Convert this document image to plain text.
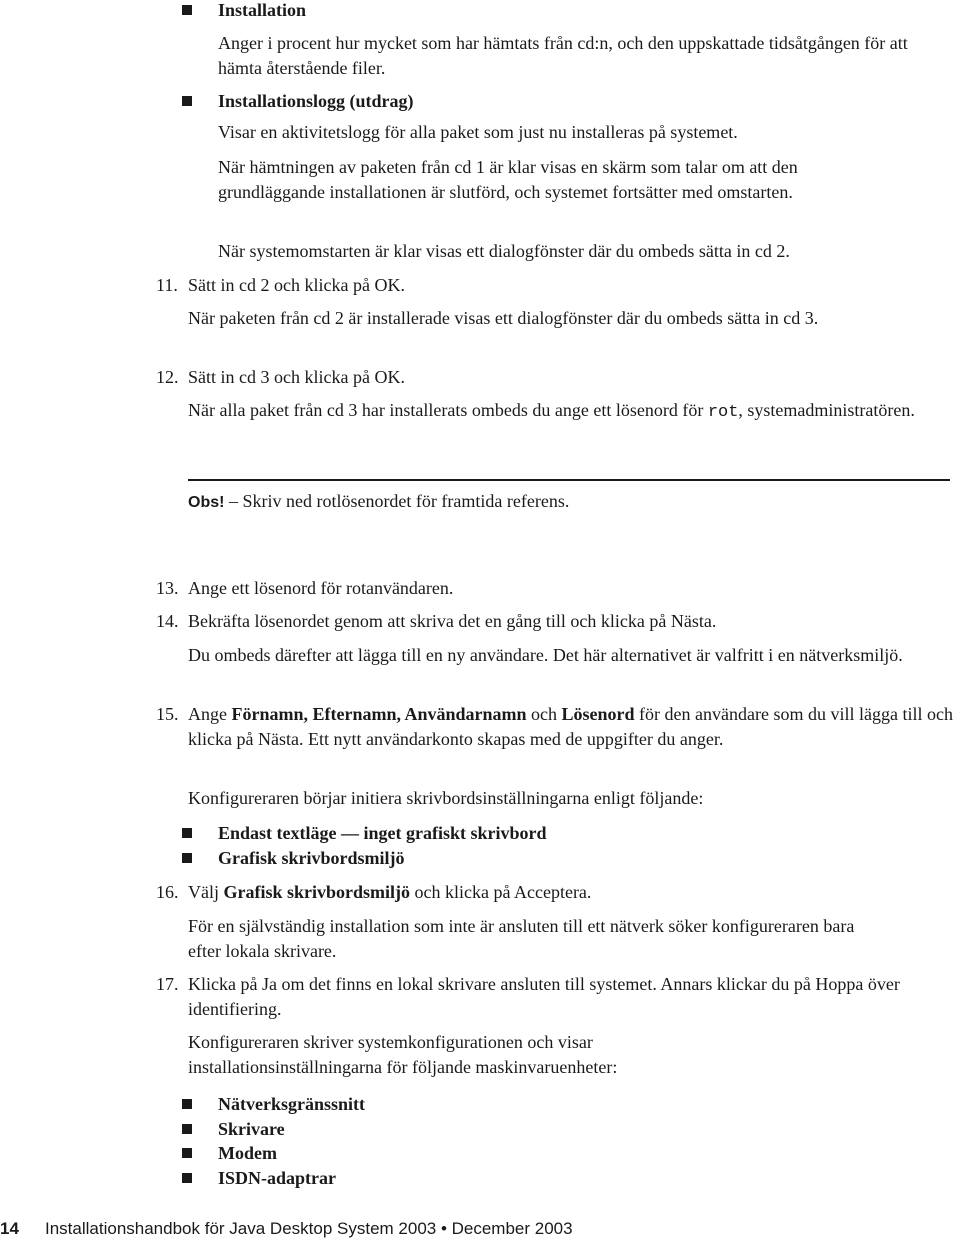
Installation
Anger i procent hur mycket som har hämtats från cd:n, och den uppskattade tidsåtgången för att hämta återstående filer.
Installationslogg (utdrag)
Visar en aktivitetslogg för alla paket som just nu installeras på systemet.
När hämtningen av paketen från cd 1 är klar visas en skärm som talar om att den grundläggande installationen är slutförd, och systemet fortsätter med omstarten.
När systemomstarten är klar visas ett dialogfönster där du ombeds sätta in cd 2.
11. Sätt in cd 2 och klicka på OK.
När paketen från cd 2 är installerade visas ett dialogfönster där du ombeds sätta in cd 3.
12. Sätt in cd 3 och klicka på OK.
När alla paket från cd 3 har installerats ombeds du ange ett lösenord för rot, systemadministratören.
Obs! – Skriv ned rotlösenordet för framtida referens.
13. Ange ett lösenord för rotanvändaren.
14. Bekräfta lösenordet genom att skriva det en gång till och klicka på Nästa.
Du ombeds därefter att lägga till en ny användare. Det här alternativet är valfritt i en nätverksmiljö.
15. Ange Förnamn, Efternamn, Användarnamn och Lösenord för den användare som du vill lägga till och klicka på Nästa. Ett nytt användarkonto skapas med de uppgifter du anger.
Konfigureraren börjar initiera skrivbordsinställningarna enligt följande:
Endast textläge — inget grafiskt skrivbord
Grafisk skrivbordsmiljö
16. Välj Grafisk skrivbordsmiljö och klicka på Acceptera.
För en självständig installation som inte är ansluten till ett nätverk söker konfigureraren bara efter lokala skrivare.
17. Klicka på Ja om det finns en lokal skrivare ansluten till systemet. Annars klickar du på Hoppa över identifiering.
Konfigureraren skriver systemkonfigurationen och visar installationsinställningarna för följande maskinvaruenheter:
Nätverksgränssnitt
Skrivare
Modem
ISDN-adaptrar
14 Installationshandbok för Java Desktop System 2003 • December 2003
